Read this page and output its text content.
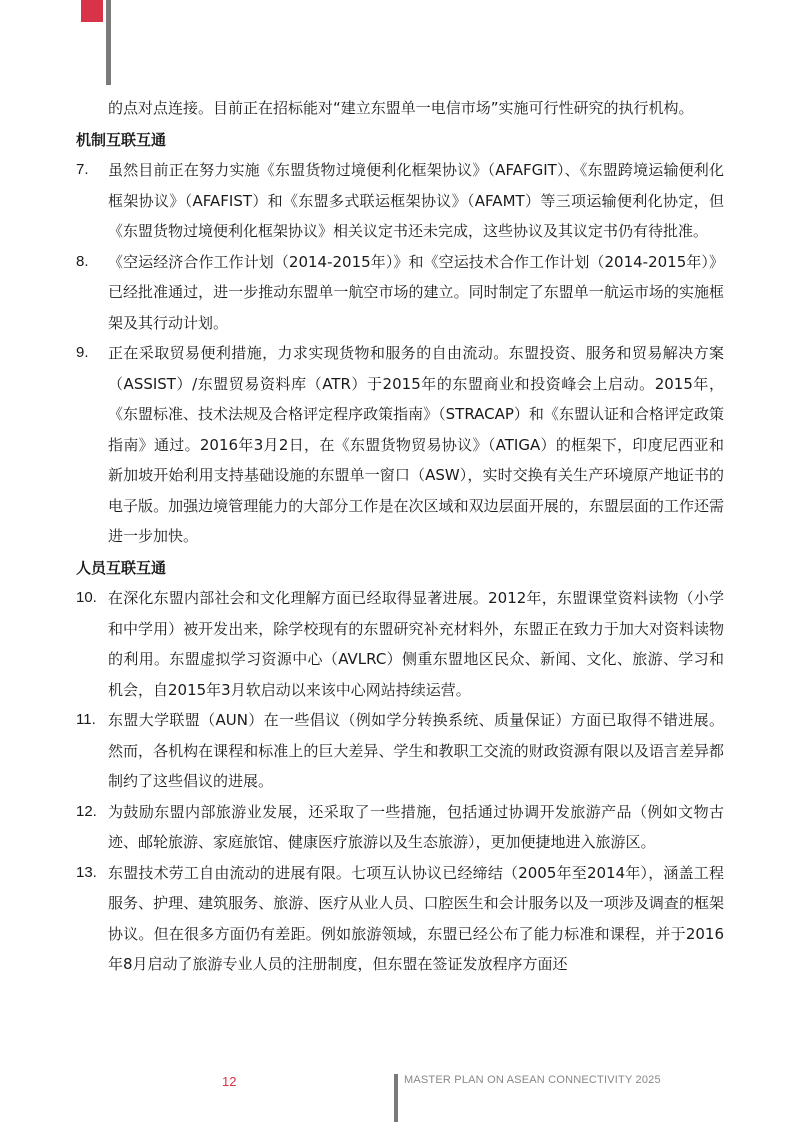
的点对点连接。目前正在招标能对“建立东盟单一电信市场”实施可行性研究的执行机构。
机制互联互通
7.	虽然目前正在努力实施《东盟货物过境便利化框架协议》（AFAFGIT）、《东盟跨境运输便利化框架协议》（AFAFIST）和《东盟多式联运框架协议》（AFAMT）等三项运输便利化协定，但《东盟货物过境便利化框架协议》相关议定书还未完成，这些协议及其议定书仍有待批准。
8.	《空运经济合作工作计划（2014-2015年）》和《空运技术合作工作计划（2014-2015年）》已经批准通过，进一步推动东盟单一航空市场的建立。同时制定了东盟单一航运市场的实施框架及其行动计划。
9.	正在采取贸易便利措施，力求实现货物和服务的自由流动。东盟投资、服务和贸易解决方案（ASSIST）/东盟贸易资料库（ATR）于2015年的东盟商业和投资峰会上启动。2015年，《东盟标准、技术法规及合格评定程序政策指南》（STRACAP）和《东盟认证和合格评定政策指南》通过。2016年3月2日，在《东盟货物贸易协议》（ATIGA）的框架下，印度尼西亚和新加坡开始利用支持基础设施的东盟单一窗口（ASW），实时交换有关生产环境原产地证书的电子版。加强边境管理能力的大部分工作是在次区域和双边层面开展的，东盟层面的工作还需进一步加快。
人员互联互通
10. 在深化东盟内部社会和文化理解方面已经取得显著进展。2012年，东盟课堂资料读物（小学和中学用）被开发出来，除学校现有的东盟研究补充材料外，东盟正在致力于加大对资料读物的利用。东盟虚拟学习资源中心（AVLRC）侧重东盟地区民众、新闻、文化、旅游、学习和机会，自2015年3月软启动以来该中心网站持续运营。
11. 东盟大学联盟（AUN）在一些倡议（例如学分转换系统、质量保证）方面已取得不错进展。然而，各机构在课程和标准上的巨大差异、学生和教职工交流的财政资源有限以及语言差异都制约了这些倡议的进展。
12. 为鼓励东盟内部旅游业发展，还采取了一些措施，包括通过协调开发旅游产品（例如文物古迹、邮轮旅游、家庭旅馆、健康医疗旅游以及生态旅游），更加便捷地进入旅游区。
13. 东盟技术劳工自由流动的进展有限。七项互认协议已经缔结（2005年至2014年），涵盖工程服务、护理、建筑服务、旅游、医疗从业人员、口腔医生和会计服务以及一项涉及调查的框架协议。但在很多方面仍有差距。例如旅游领域，东盟已经公布了能力标准和课程，并于2016年8月启动了旅游专业人员的注册制度，但东盟在签证发放程序方面还
12	MASTER PLAN ON ASEAN CONNECTIVITY 2025
